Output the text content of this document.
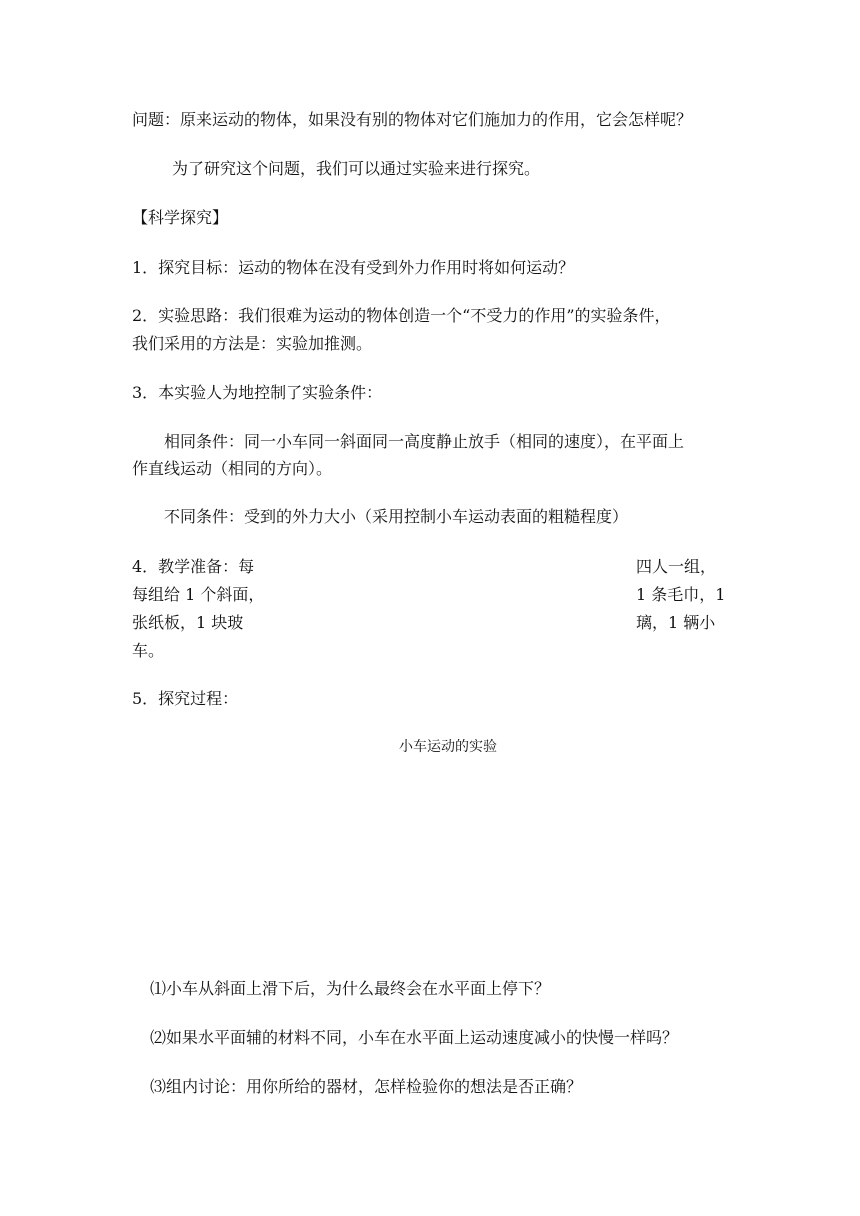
问题：原来运动的物体，如果没有别的物体对它们施加力的作用，它会怎样呢？
为了研究这个问题，我们可以通过实验来进行探究。
【科学探究】
1．探究目标：运动的物体在没有受到外力作用时将如何运动？
2．实验思路：我们很难为运动的物体创造一个“不受力的作用”的实验条件，
我们采用的方法是：实验加推测。
3．本实验人为地控制了实验条件：
相同条件：同一小车同一斜面同一高度静止放手（相同的速度），在平面上
作直线运动（相同的方向）。
不同条件：受到的外力大小（采用控制小车运动表面的粗糙程度）
4．教学准备：每
每组给 1 个斜面，
张纸板，1 块玻
车。
四人一组，
1 条毛巾，1
璃，1 辆小
5．探究过程：
小车运动的实验
⑴小车从斜面上滑下后，为什么最终会在水平面上停下？
⑵如果水平面辅的材料不同，小车在水平面上运动速度减小的快慢一样吗？
⑶组内讨论：用你所给的器材，怎样检验你的想法是否正确？
